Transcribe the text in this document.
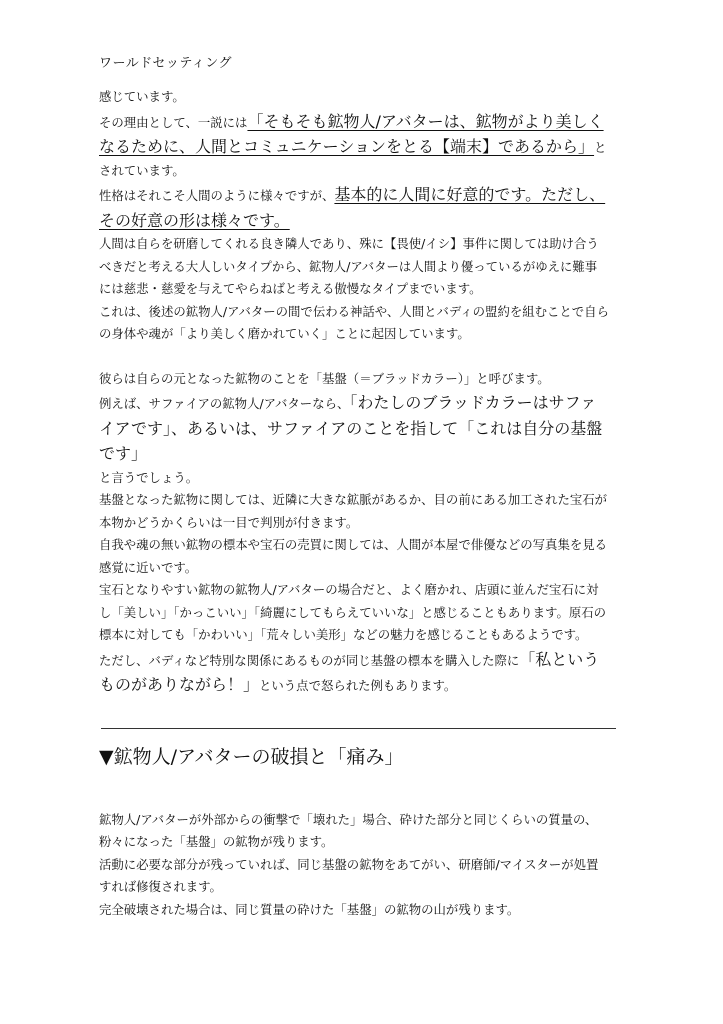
ワールドセッティング

感じています。

その理由として、一説には「そもそも鉱物人/アバターは、鉱物がより美しくなるために、人間とコミュニケーションをとる【端末】であるから」とされています。

性格はそれこそ人間のように様々ですが、基本的に人間に好意的です。ただし、その好意の形は様々です。

人間は自らを研磨してくれる良き隣人であり、殊に【畏使/イシ】事件に関しては助け合うべきだと考える大人しいタイプから、鉱物人/アバターは人間より優っているがゆえに難事には慈悲・慈愛を与えてやらねばと考える傲慢なタイプまでいます。

これは、後述の鉱物人/アバターの間で伝わる神話や、人間とバディの盟約を組むことで自らの身体や魂が「より美しく磨かれていく」ことに起因しています。

彼らは自らの元となった鉱物のことを「基盤（＝ブラッドカラー）」と呼びます。

例えば、サファイアの鉱物人/アバターなら、「わたしのブラッドカラーはサファイアです」、あるいは、サファイアのことを指して「これは自分の基盤です」
と言うでしょう。

基盤となった鉱物に関しては、近隣に大きな鉱脈があるか、目の前にある加工された宝石が本物かどうかくらいは一目で判別が付きます。

自我や魂の無い鉱物の標本や宝石の売買に関しては、人間が本屋で俳優などの写真集を見る感覚に近いです。

宝石となりやすい鉱物の鉱物人/アバターの場合だと、よく磨かれ、店頭に並んだ宝石に対し「美しい」「かっこいい」「綺麗にしてもらえていいな」と感じることもあります。原石の標本に対しても「かわいい」「荒々しい美形」などの魅力を感じることもあるようです。

ただし、バディなど特別な関係にあるものが同じ基盤の標本を購入した際に「私というものがありながら！」という点で怒られた例もあります。

▼鉱物人/アバターの破損と「痛み」

鉱物人/アバターが外部からの衝撃で「壊れた」場合、砕けた部分と同じくらいの質量の、粉々になった「基盤」の鉱物が残ります。

活動に必要な部分が残っていれば、同じ基盤の鉱物をあてがい、研磨師/マイスターが処置すれば修復されます。

完全破壊された場合は、同じ質量の砕けた「基盤」の鉱物の山が残ります。
